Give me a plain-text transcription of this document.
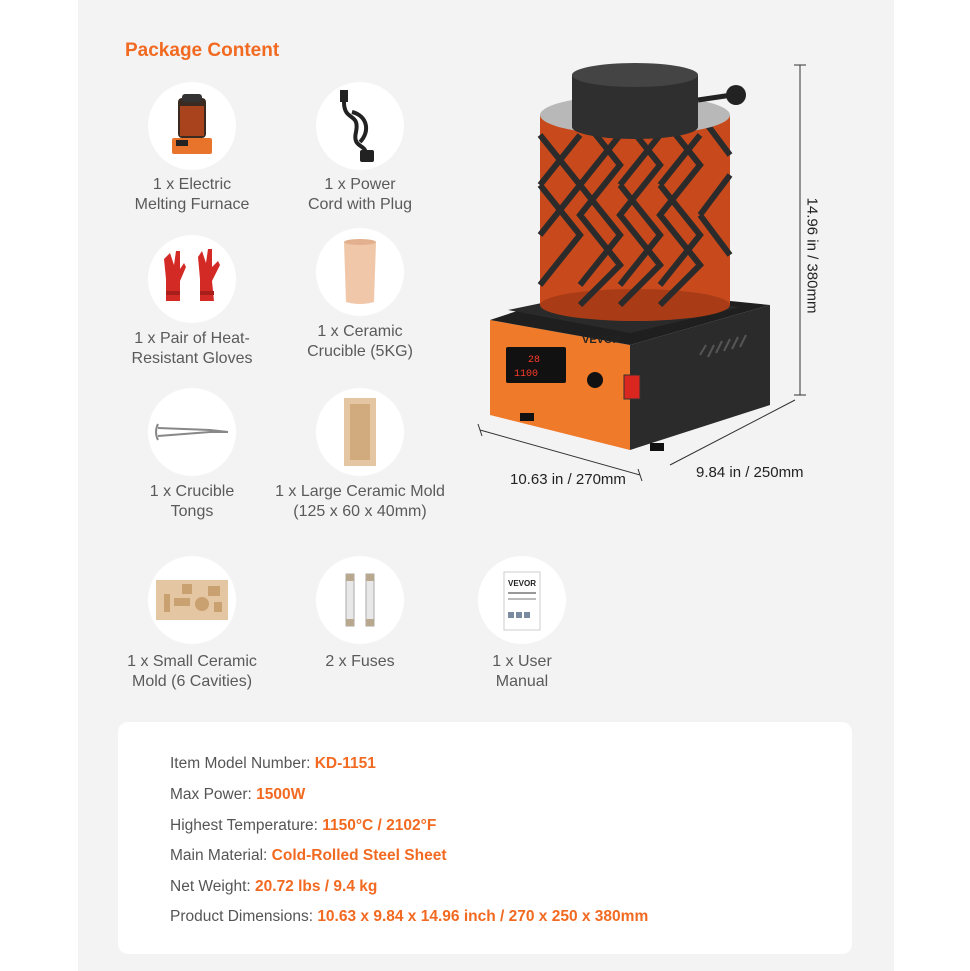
Package Content
1 x Electric
Melting Furnace
1 x Power
Cord with Plug
1 x Pair of Heat-
Resistant Gloves
1 x Ceramic
Crucible (5KG)
1 x Crucible
Tongs
1 x Large Ceramic Mold
(125 x 60 x 40mm)
1 x Small Ceramic
Mold (6 Cavities)
2 x Fuses
VEVOR
1 x User
Manual
28
1100
VEVOR
14.96 in / 380mm
10.63 in / 270mm	9.84 in / 250mm
Item Model Number: KD-1151
Max Power: 1500W
Highest Temperature: 1150°C / 2102°F
Main Material: Cold-Rolled Steel Sheet
Net Weight: 20.72 lbs / 9.4 kg
Product Dimensions: 10.63 x 9.84 x 14.96 inch / 270 x 250 x 380mm
